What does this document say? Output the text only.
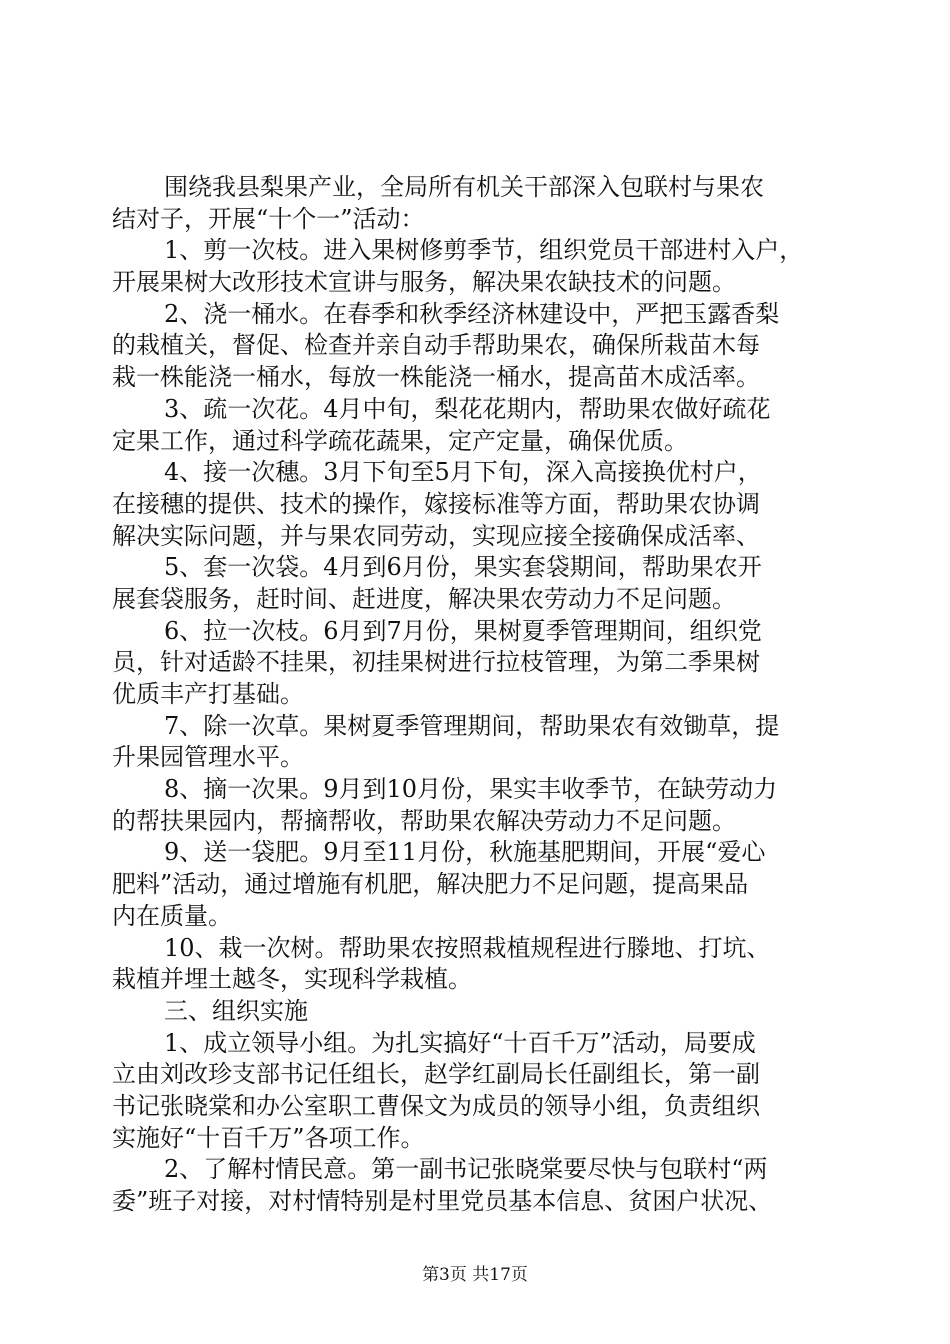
围绕我县梨果产业，全局所有机关干部深入包联村与果农
结对子，开展“十个一”活动：
1、剪一次枝。进入果树修剪季节，组织党员干部进村入户，
开展果树大改形技术宣讲与服务，解决果农缺技术的问题。
2、浇一桶水。在春季和秋季经济林建设中，严把玉露香梨
的栽植关，督促、检查并亲自动手帮助果农，确保所栽苗木每
栽一株能浇一桶水，每放一株能浇一桶水，提高苗木成活率。
3、疏一次花。4月中旬，梨花花期内，帮助果农做好疏花
定果工作，通过科学疏花蔬果，定产定量，确保优质。
4、接一次穗。3月下旬至5月下旬，深入高接换优村户，
在接穗的提供、技术的操作，嫁接标准等方面，帮助果农协调
解决实际问题，并与果农同劳动，实现应接全接确保成活率、
5、套一次袋。4月到6月份，果实套袋期间，帮助果农开
展套袋服务，赶时间、赶进度，解决果农劳动力不足问题。
6、拉一次枝。6月到7月份，果树夏季管理期间，组织党
员，针对适龄不挂果，初挂果树进行拉枝管理，为第二季果树
优质丰产打基础。
7、除一次草。果树夏季管理期间，帮助果农有效锄草，提
升果园管理水平。
8、摘一次果。9月到10月份，果实丰收季节，在缺劳动力
的帮扶果园内，帮摘帮收，帮助果农解决劳动力不足问题。
9、送一袋肥。9月至11月份，秋施基肥期间，开展“爱心
肥料”活动，通过增施有机肥，解决肥力不足问题，提高果品
内在质量。
10、栽一次树。帮助果农按照栽植规程进行滕地、打坑、
栽植并埋土越冬，实现科学栽植。
三、组织实施
1、成立领导小组。为扎实搞好“十百千万”活动，局要成
立由刘改珍支部书记任组长，赵学红副局长任副组长，第一副
书记张晓棠和办公室职工曹保文为成员的领导小组，负责组织
实施好“十百千万”各项工作。
2、了解村情民意。第一副书记张晓棠要尽快与包联村“两
委”班子对接，对村情特别是村里党员基本信息、贫困户状况、
第3页 共17页
